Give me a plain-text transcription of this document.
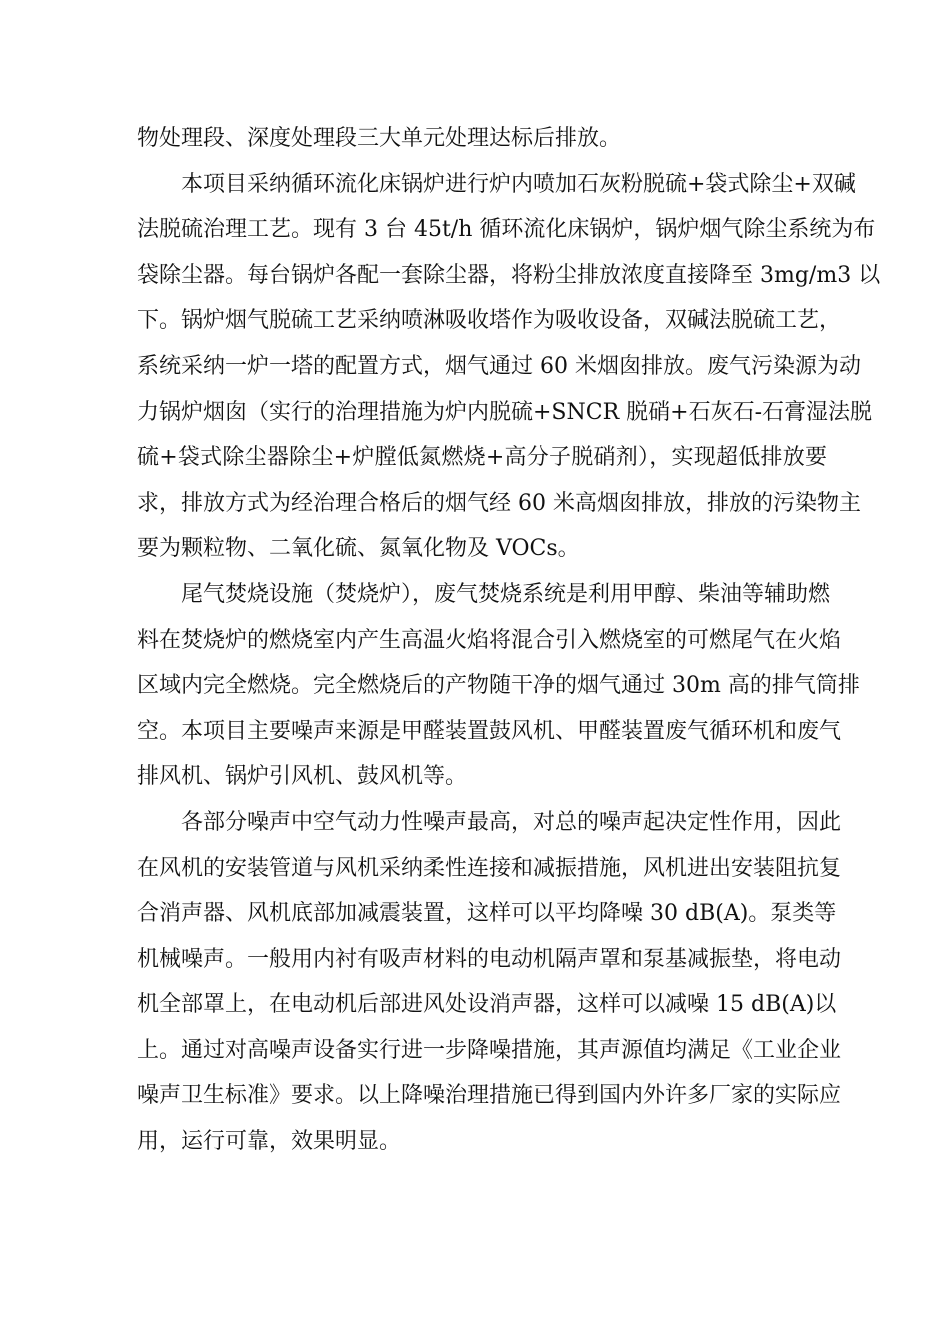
物处理段、深度处理段三大单元处理达标后排放。
本项目采纳循环流化床锅炉进行炉内喷加石灰粉脱硫+袋式除尘+双碱
法脱硫治理工艺。现有 3 台 45t/h 循环流化床锅炉，锅炉烟气除尘系统为布
袋除尘器。每台锅炉各配一套除尘器，将粉尘排放浓度直接降至 3mg/m3 以
下。锅炉烟气脱硫工艺采纳喷淋吸收塔作为吸收设备，双碱法脱硫工艺，
系统采纳一炉一塔的配置方式，烟气通过 60 米烟囱排放。废气污染源为动
力锅炉烟囱（实行的治理措施为炉内脱硫+SNCR 脱硝+石灰石-石膏湿法脱
硫+袋式除尘器除尘+炉膛低氮燃烧+高分子脱硝剂），实现超低排放要
求，排放方式为经治理合格后的烟气经 60 米高烟囱排放，排放的污染物主
要为颗粒物、二氧化硫、氮氧化物及 VOCs。
尾气焚烧设施（焚烧炉），废气焚烧系统是利用甲醇、柴油等辅助燃
料在焚烧炉的燃烧室内产生高温火焰将混合引入燃烧室的可燃尾气在火焰
区域内完全燃烧。完全燃烧后的产物随干净的烟气通过 30m 高的排气筒排
空。本项目主要噪声来源是甲醛装置鼓风机、甲醛装置废气循环机和废气
排风机、锅炉引风机、鼓风机等。
各部分噪声中空气动力性噪声最高，对总的噪声起决定性作用，因此
在风机的安装管道与风机采纳柔性连接和减振措施，风机进出安装阻抗复
合消声器、风机底部加减震装置，这样可以平均降噪 30 dB(A)。泵类等
机械噪声。一般用内衬有吸声材料的电动机隔声罩和泵基减振垫，将电动
机全部罩上，在电动机后部进风处设消声器，这样可以减噪 15 dB(A)以
上。通过对高噪声设备实行进一步降噪措施，其声源值均满足《工业企业
噪声卫生标准》要求。以上降噪治理措施已得到国内外许多厂家的实际应
用，运行可靠，效果明显。
